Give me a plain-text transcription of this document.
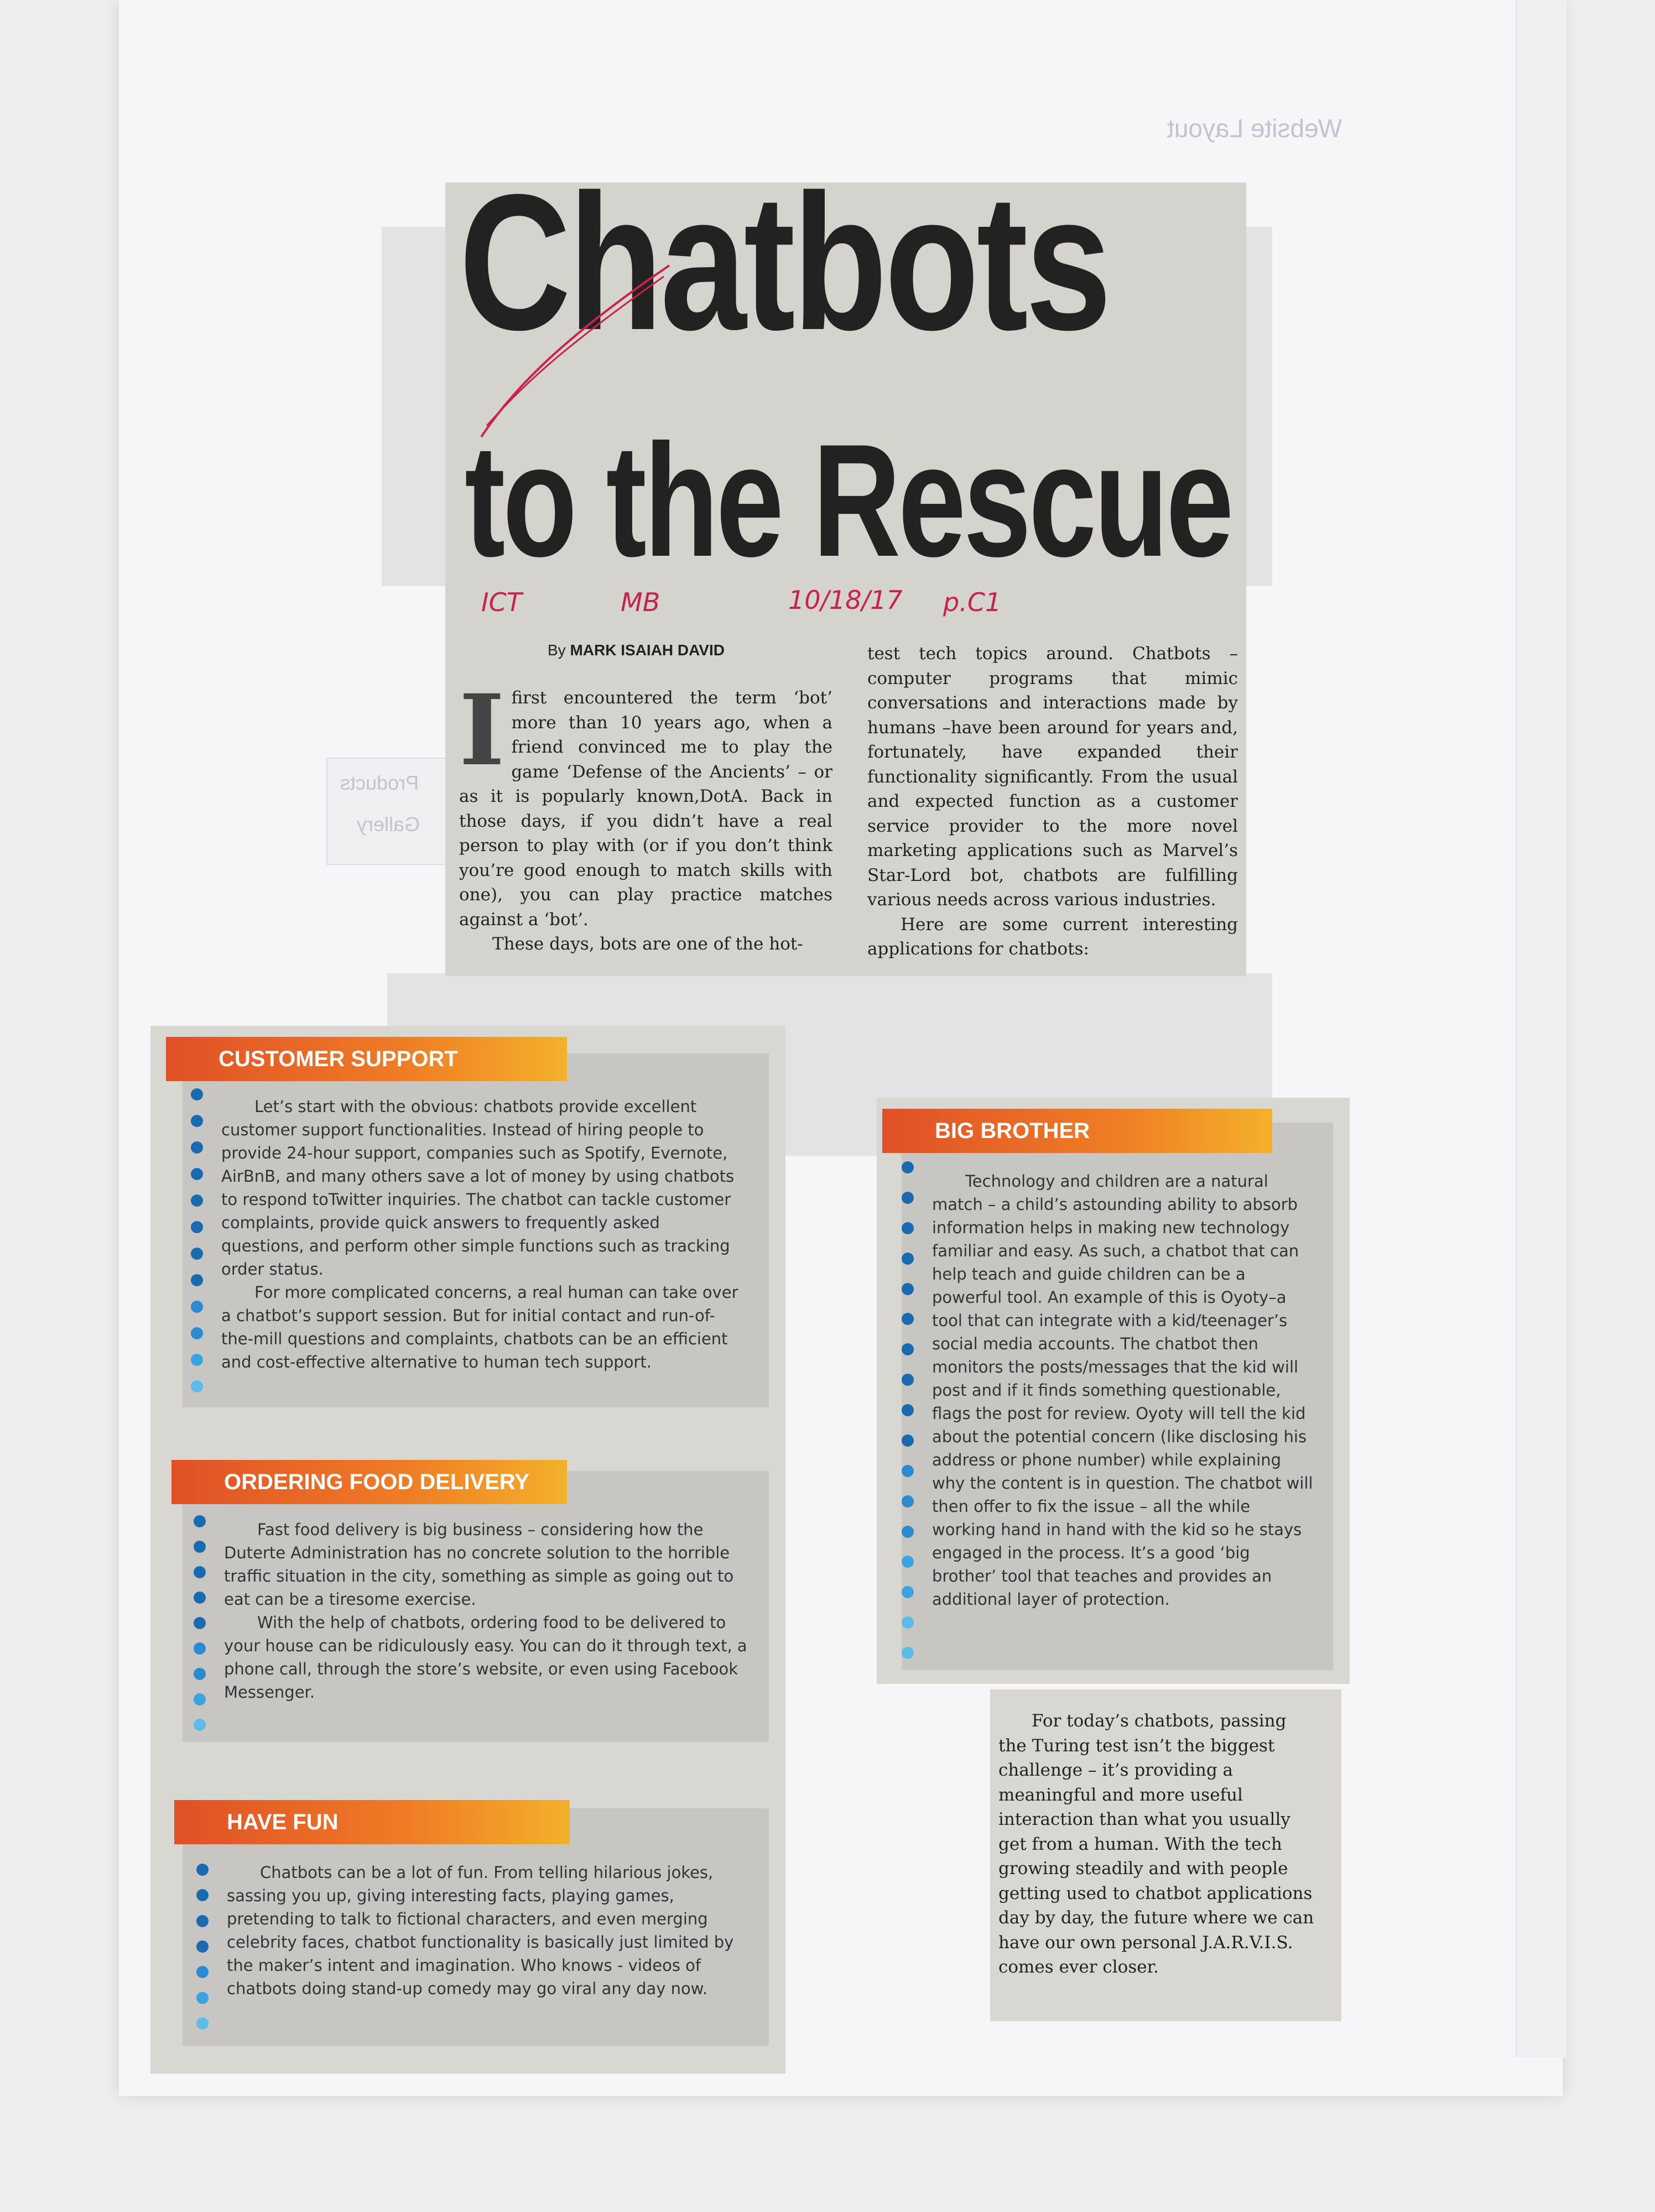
Website Layout
Products
Gallery
Chatbots
to the Rescue
ICT	MB	10/18/17 p.C1
By MARK ISAIAH DAVID
I first encountered the term ‘bot’ more than 10 years ago, when a friend convinced me to play the game ‘Defense of the Ancients’ – or as it is popularly known,DotA. Back in those days, if you didn’t have a real person to play with (or if you don’t think you’re good enough to match skills with one), you can play practice matches against a ‘bot’.

These days, bots are one of the hot-

test tech topics around. Chatbots – computer programs that mimic conversations and interactions made by humans –have been around for years and, fortunately, have expanded their functionality significantly. From the usual and expected function as a customer service provider to the more novel marketing applications such as Marvel’s Star-Lord bot, chatbots are fulfilling various needs across various industries.

Here are some current interesting applications for chatbots:

CUSTOMER SUPPORT

Let’s start with the obvious: chatbots provide excellent customer support functionalities. Instead of hiring people to provide 24-hour support, companies such as Spotify, Evernote, AirBnB, and many others save a lot of money by using chatbots to respond toTwitter inquiries. The chatbot can tackle customer complaints, provide quick answers to frequently asked questions, and perform other simple functions such as tracking order status.

For more complicated concerns, a real human can take over a chatbot’s support session. But for initial contact and run-of-the-mill questions and complaints, chatbots can be an efficient and cost-effective alternative to human tech support.

ORDERING FOOD DELIVERY

Fast food delivery is big business – considering how the Duterte Administration has no concrete solution to the horrible traffic situation in the city, something as simple as going out to eat can be a tiresome exercise.

With the help of chatbots, ordering food to be delivered to your house can be ridiculously easy. You can do it through text, a phone call, through the store’s website, or even using Facebook Messenger.

HAVE FUN

Chatbots can be a lot of fun. From telling hilarious jokes, sassing you up, giving interesting facts, playing games, pretending to talk to fictional characters, and even merging celebrity faces, chatbot functionality is basically just limited by the maker’s intent and imagination. Who knows - videos of chatbots doing stand-up comedy may go viral any day now.

BIG BROTHER

Technology and children are a natural match – a child’s astounding ability to absorb information helps in making new technology familiar and easy. As such, a chatbot that can help teach and guide children can be a powerful tool. An example of this is Oyoty–a tool that can integrate with a kid/teenager’s social media accounts. The chatbot then monitors the posts/messages that the kid will post and if it finds something questionable, flags the post for review. Oyoty will tell the kid about the potential concern (like disclosing his address or phone number) while explaining why the content is in question. The chatbot will then offer to fix the issue – all the while working hand in hand with the kid so he stays engaged in the process. It’s a good ‘big brother’ tool that teaches and provides an additional layer of protection.

For today’s chatbots, passing the Turing test isn’t the biggest challenge – it’s providing a meaningful and more useful interaction than what you usually get from a human. With the tech growing steadily and with people getting used to chatbot applications day by day, the future where we can have our own personal J.A.R.V.I.S. comes ever closer.
